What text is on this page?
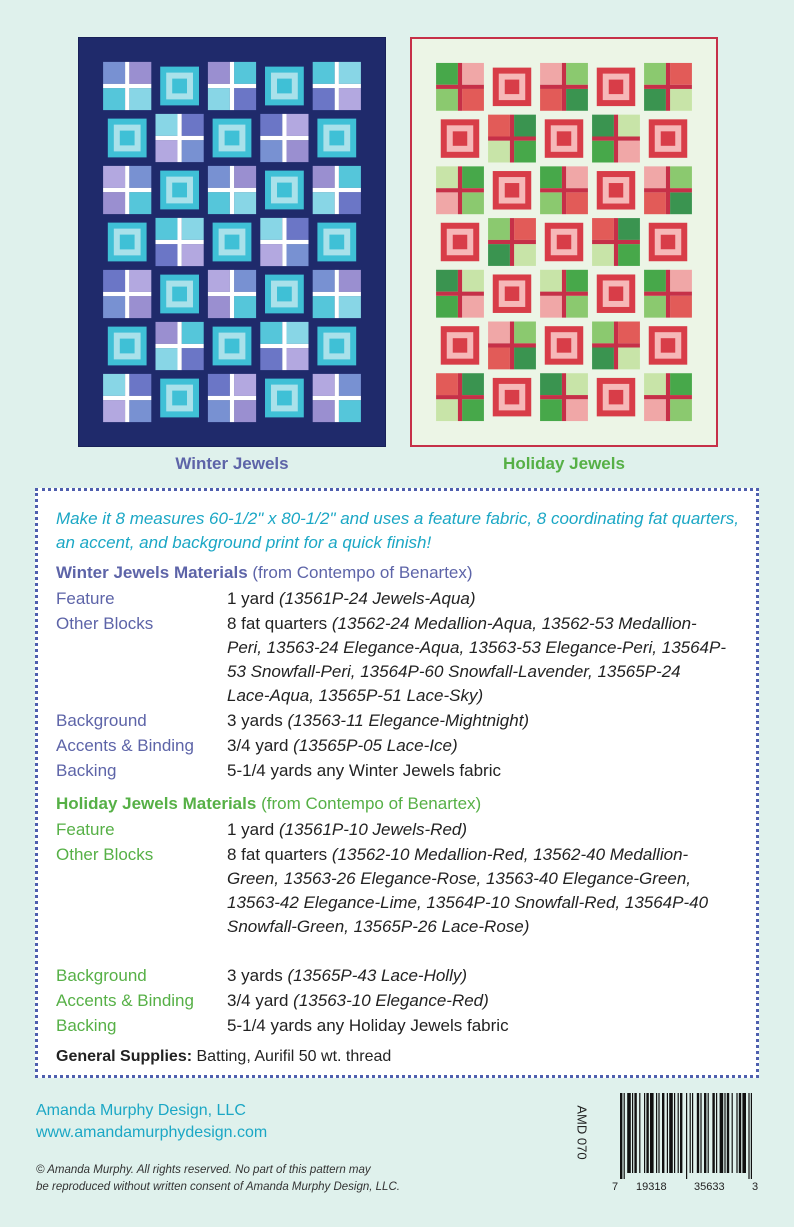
Winter Jewels	Holiday Jewels

Make it 8 measures 60-1/2" x 80-1/2" and uses a feature fabric, 8 coordinating fat quarters, an accent, and background print for a quick finish!

Winter Jewels Materials (from Contempo of Benartex)
Feature	1 yard (13561P-24 Jewels-Aqua)
Other Blocks	8 fat quarters (13562-24 Medallion-Aqua, 13562-53 Medallion-Peri, 13563-24 Elegance-Aqua, 13563-53 Elegance-Peri, 13564P-53 Snowfall-Peri, 13564P-60 Snowfall-Lavender, 13565P-24 Lace-Aqua, 13565P-51 Lace-Sky)
Background	3 yards (13563-11 Elegance-Mightnight)
Accents & Binding	3/4 yard (13565P-05 Lace-Ice)
Backing	5-1/4 yards any Winter Jewels fabric
Holiday Jewels Materials (from Contempo of Benartex)
Feature	1 yard (13561P-10 Jewels-Red)
Other Blocks	8 fat quarters (13562-10 Medallion-Red, 13562-40 Medallion-Green, 13563-26 Elegance-Rose, 13563-40 Elegance-Green, 13563-42 Elegance-Lime, 13564P-10 Snowfall-Red, 13564P-40 Snowfall-Green, 13565P-26 Lace-Rose)
Background	3 yards (13565P-43 Lace-Holly)
Accents & Binding	3/4 yard (13563-10 Elegance-Red)
Backing	5-1/4 yards any Holiday Jewels fabric
General Supplies: Batting, Aurifil 50 wt. thread
Amanda Murphy Design, LLC
www.amandamurphydesign.com
© Amanda Murphy. All rights reserved. No part of this pattern may
be reproduced without written consent of Amanda Murphy Design, LLC.
AMD 070
7 19318 35633 3
